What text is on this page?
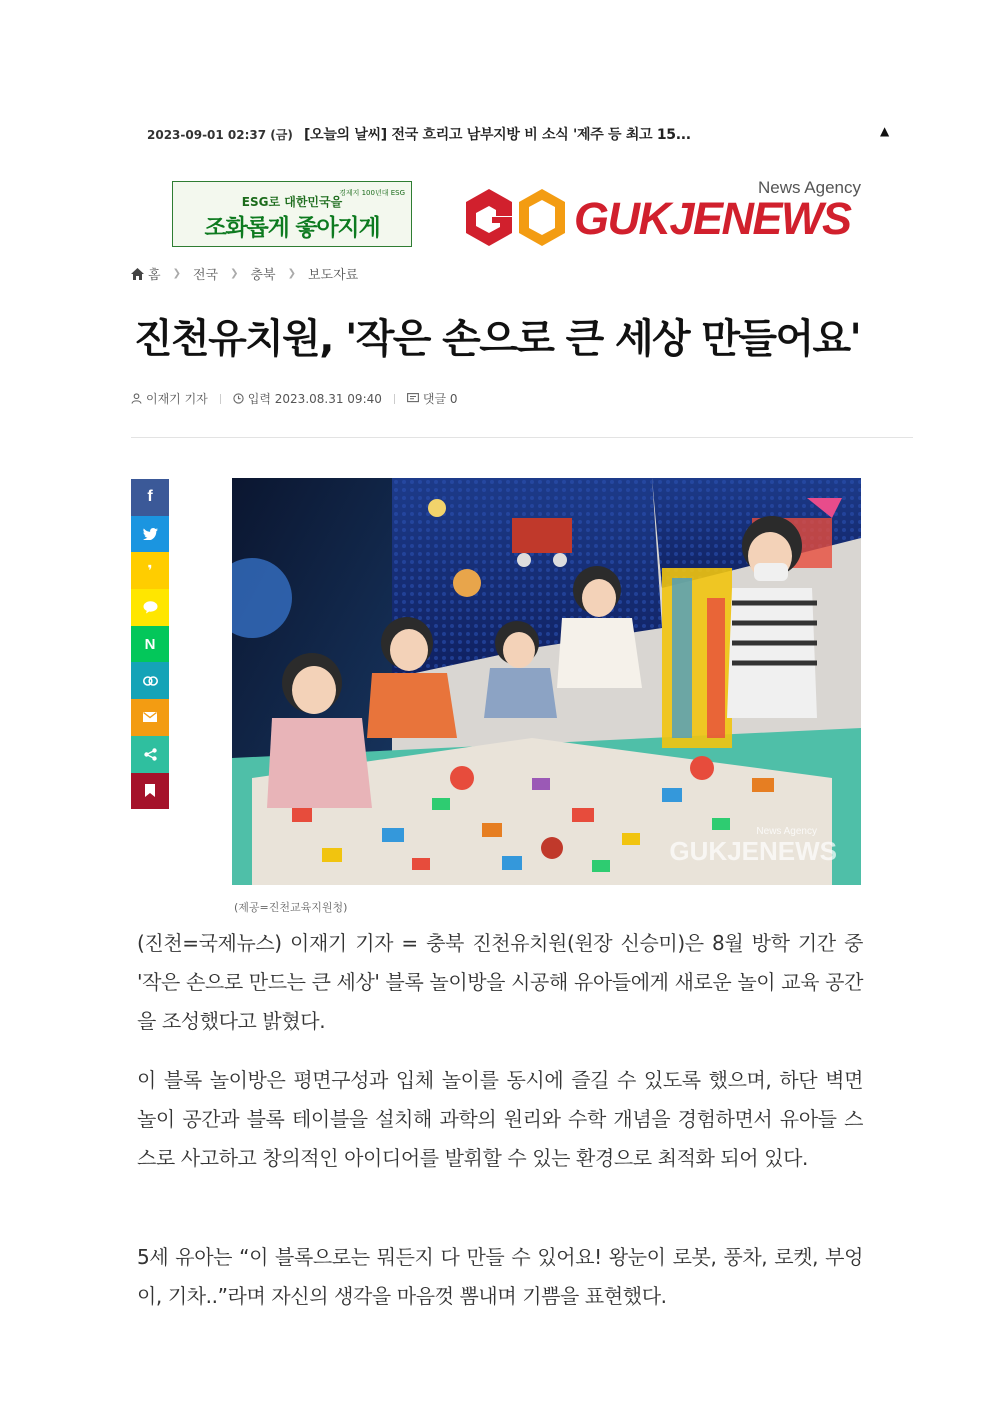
2023-09-01 02:37 (금) [오늘의 날씨] 전국 흐리고 남부지방 비 소식 '제주 등 최고 15...	▲
경제지 100년대 ESG
ESG로 대한민국을
조화롭게 좋아지게
News Agency
GUKJENEWS
홈 ❯ 전국 ❯ 충북 ❯ 보도자료
진천유치원, '작은 손으로 큰 세상 만들어요'
이재기 기자	입력 2023.08.31 09:40	댓글 0
f
❜
N
News Agency
GUKJENEWS
(제공=진천교육지원청)

(진천=국제뉴스) 이재기 기자 = 충북 진천유치원(원장 신승미)은 8월 방학 기간 중 '작은 손으로 만드는 큰 세상' 블록 놀이방을 시공해 유아들에게 새로운 놀이 교육 공간을 조성했다고 밝혔다.

이 블록 놀이방은 평면구성과 입체 놀이를 동시에 즐길 수 있도록 했으며, 하단 벽면 놀이 공간과 블록 테이블을 설치해 과학의 원리와 수학 개념을 경험하면서 유아들 스스로 사고하고 창의적인 아이디어를 발휘할 수 있는 환경으로 최적화 되어 있다.

5세 유아는 “이 블록으로는 뭐든지 다 만들 수 있어요! 왕눈이 로봇, 풍차, 로켓, 부엉이, 기차..”라며 자신의 생각을 마음껏 뽐내며 기쁨을 표현했다.
